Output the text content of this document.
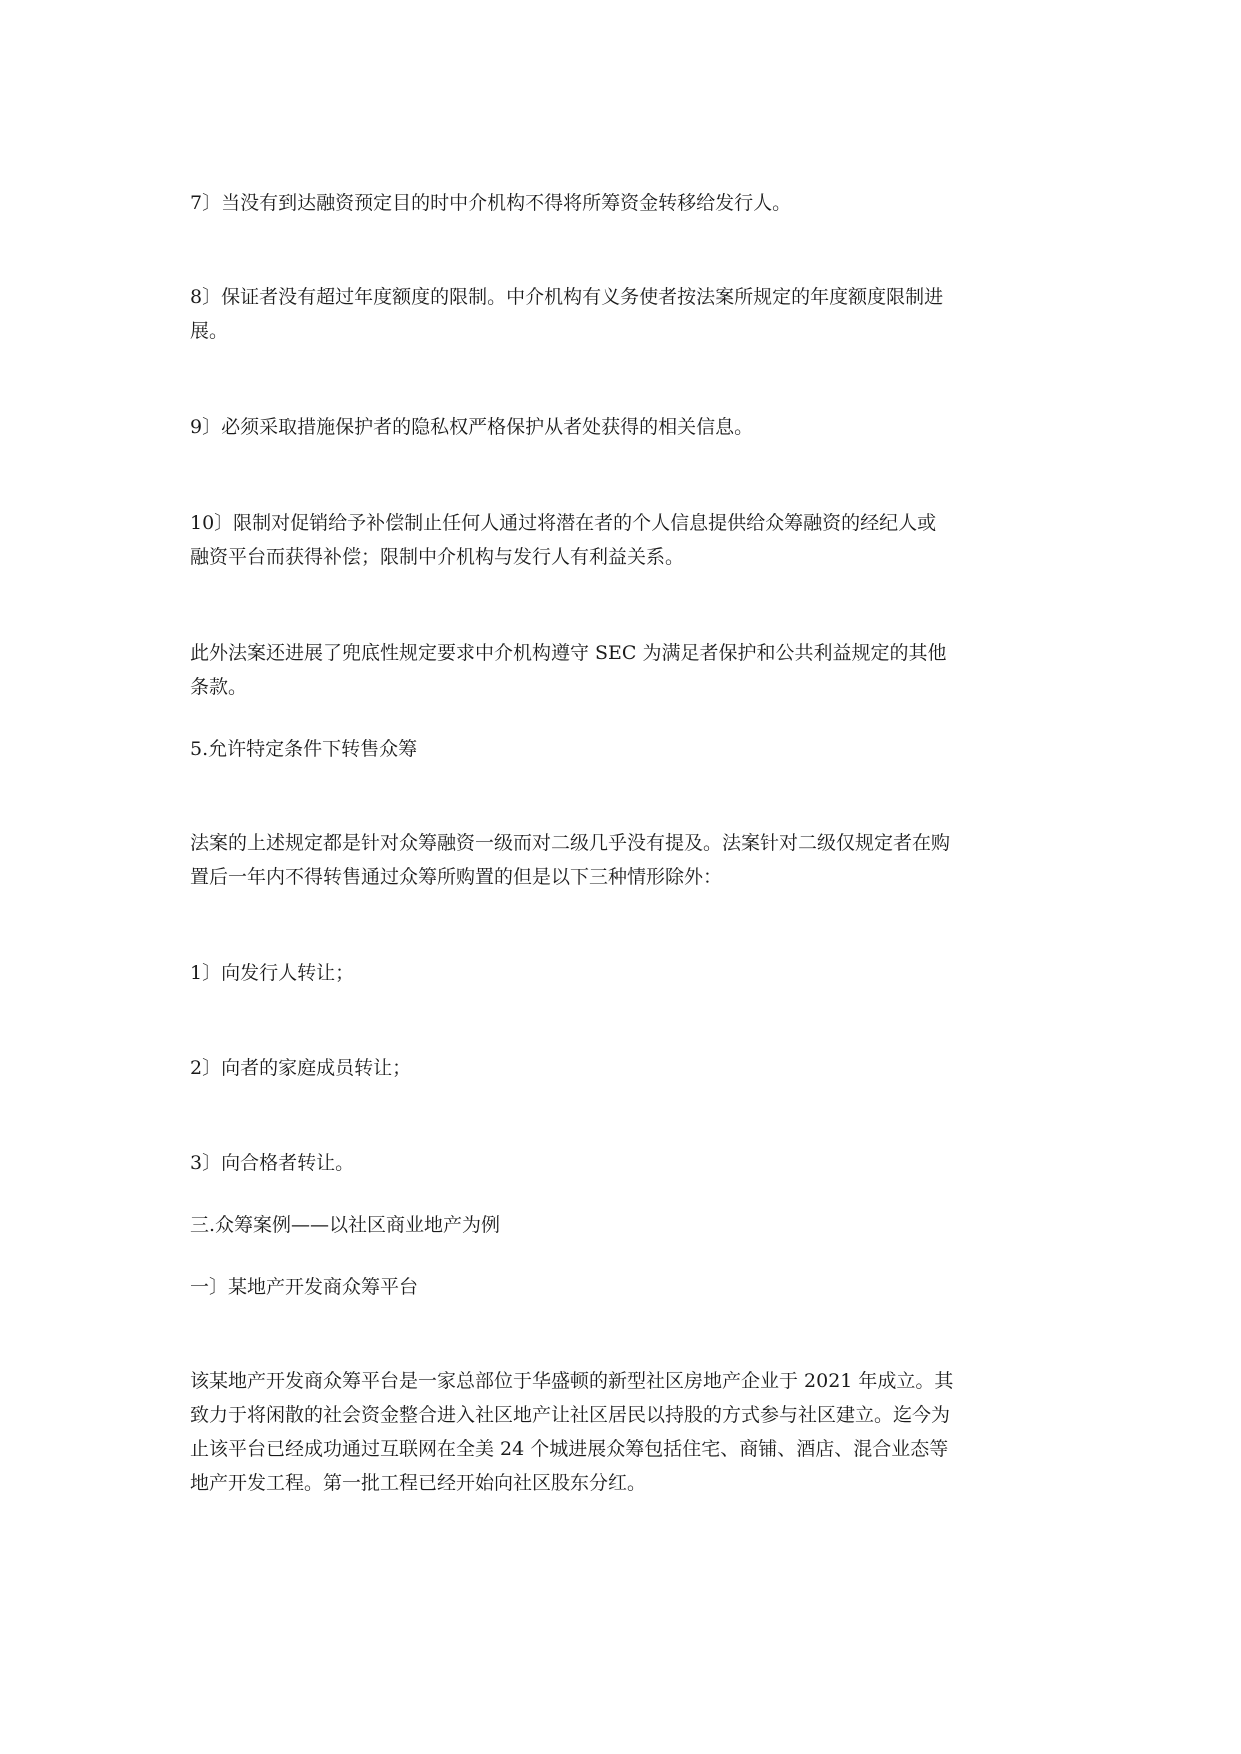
7〕当没有到达融资预定目的时中介机构不得将所筹资金转移给发行人。

8〕保证者没有超过年度额度的限制。中介机构有义务使者按法案所规定的年度额度限制进
展。

9〕必须采取措施保护者的隐私权严格保护从者处获得的相关信息。

10〕限制对促销给予补偿制止任何人通过将潜在者的个人信息提供给众筹融资的经纪人或
融资平台而获得补偿；限制中介机构与发行人有利益关系。

此外法案还进展了兜底性规定要求中介机构遵守 SEC 为满足者保护和公共利益规定的其他
条款。

5.允许特定条件下转售众筹

法案的上述规定都是针对众筹融资一级而对二级几乎没有提及。法案针对二级仅规定者在购
置后一年内不得转售通过众筹所购置的但是以下三种情形除外：

1〕向发行人转让；

2〕向者的家庭成员转让；

3〕向合格者转让。

三.众筹案例——以社区商业地产为例

一〕某地产开发商众筹平台

该某地产开发商众筹平台是一家总部位于华盛顿的新型社区房地产企业于 2021 年成立。其
致力于将闲散的社会资金整合进入社区地产让社区居民以持股的方式参与社区建立。迄今为
止该平台已经成功通过互联网在全美 24 个城进展众筹包括住宅、商铺、酒店、混合业态等
地产开发工程。第一批工程已经开始向社区股东分红。
